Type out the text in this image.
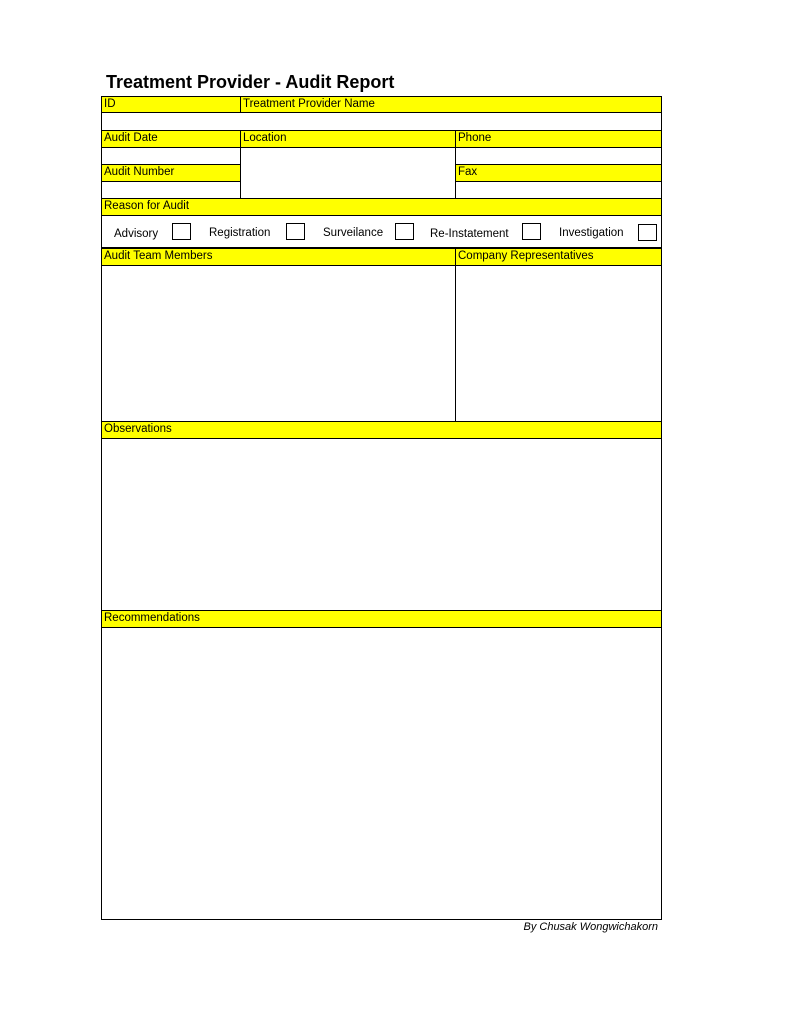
Treatment Provider - Audit Report
ID	Treatment Provider Name
Audit Date	Location	Phone
Audit Number	Fax
Reason for Audit
Advisory	Registration	Surveilance	Re-Instatement	Investigation
Audit Team Members	Company Representatives
Observations
Recommendations
By Chusak Wongwichakorn
